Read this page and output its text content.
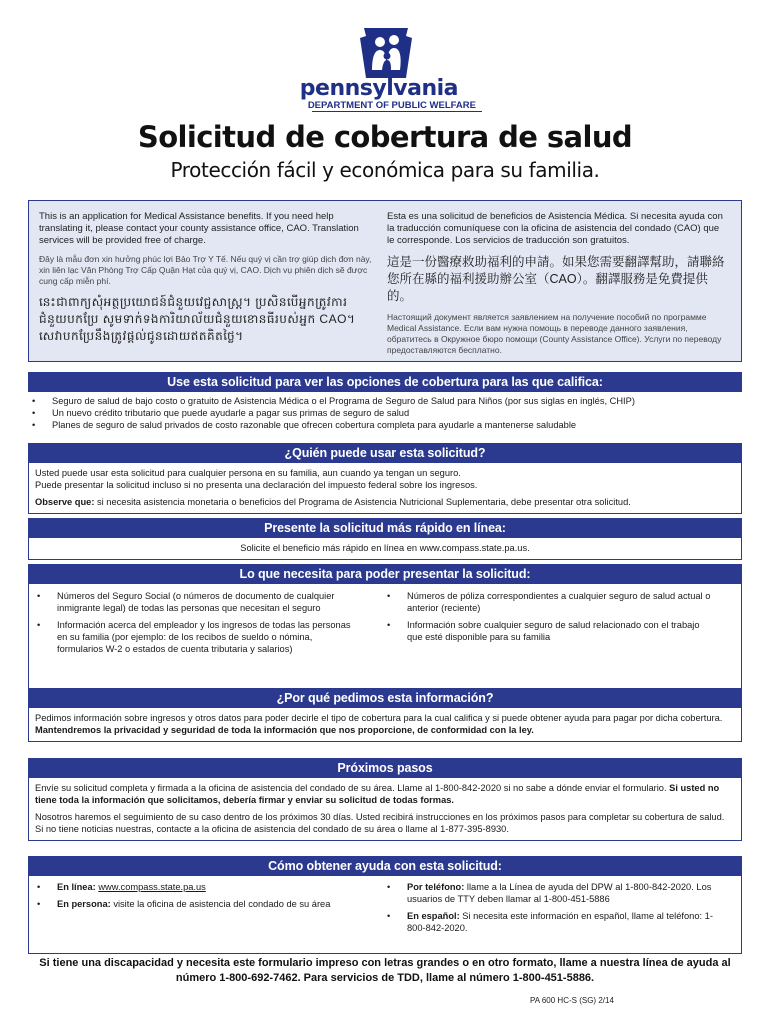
pennsylvania
DEPARTMENT OF PUBLIC WELFARE
Solicitud de cobertura de salud
Protección fácil y económica para su familia.

This is an application for Medical Assistance benefits. If you need help translating it, please contact your county assistance office, CAO. Translation services will be provided free of charge.

Đây là mẫu đơn xin hưởng phúc lợi Bảo Trợ Y Tế. Nếu quý vị cần trợ giúp dịch đơn này, xin liên lạc Văn Phòng Trợ Cấp Quận Hạt của quý vị, CAO. Dịch vụ phiên dịch sẽ được cung cấp miễn phí.

នេះជាពាក្យសុំអត្ថប្រយោជន៍ជំនួយវេជ្ជសាស្ត្រ។ ប្រសិនបើអ្នកត្រូវការជំនួយបកប្រែ សូមទាក់ទងការិយាល័យជំនួយខោនធីរបស់អ្នក CAO។ សេវាបកប្រែនឹងត្រូវផ្តល់ជូនដោយឥតគិតថ្លៃ។

Esta es una solicitud de beneficios de Asistencia Médica. Si necesita ayuda con la traducción comuníquese con la oficina de asistencia del condado (CAO) que le corresponde. Los servicios de traducción son gratuitos.

這是一份醫療救助福利的申請。如果您需要翻譯幫助，請聯絡您所在縣的福利援助辦公室（CAO）。翻譯服務是免費提供的。

Настоящий документ является заявлением на получение пособий по программе Medical Assistance. Если вам нужна помощь в переводе данного заявления, обратитесь в Окружное бюро помощи (County Assistance Office). Услуги по переводу предоставляются бесплатно.

Use esta solicitud para ver las opciones de cobertura para las que califica:
•	Seguro de salud de bajo costo o gratuito de Asistencia Médica o el Programa de Seguro de Salud para Niños (por sus siglas en inglés, CHIP)
•	Un nuevo crédito tributario que puede ayudarle a pagar sus primas de seguro de salud
•	Planes de seguro de salud privados de costo razonable que ofrecen cobertura completa para ayudarle a mantenerse saludable
¿Quién puede usar esta solicitud?
Usted puede usar esta solicitud para cualquier persona en su familia, aun cuando ya tengan un seguro.
Puede presentar la solicitud incluso si no presenta una declaración del impuesto federal sobre los ingresos.
Observe que: si necesita asistencia monetaria o beneficios del Programa de Asistencia Nutricional Suplementaria, debe presentar otra solicitud.
Presente la solicitud más rápido en línea:
Solicite el beneficio más rápido en línea en www.compass.state.pa.us.
Lo que necesita para poder presentar la solicitud:
•	Números del Seguro Social (o números de documento de cualquier inmigrante legal) de todas las personas que necesitan el seguro
•	Información acerca del empleador y los ingresos de todas las personas en su familia (por ejemplo: de los recibos de sueldo o nómina, formularios W-2 o estados de cuenta tributaria y salarios)
•	Números de póliza correspondientes a cualquier seguro de salud actual o anterior (reciente)
•	Información sobre cualquier seguro de salud relacionado con el trabajo que esté disponible para su familia
¿Por qué pedimos esta información?
Pedimos información sobre ingresos y otros datos para poder decirle el tipo de cobertura para la cual califica y si puede obtener ayuda para pagar por dicha cobertura. Mantendremos la privacidad y seguridad de toda la información que nos proporcione, de conformidad con la ley.
Próximos pasos
Envíe su solicitud completa y firmada a la oficina de asistencia del condado de su área. Llame al 1-800-842-2020 si no sabe a dónde enviar el formulario. Si usted no tiene toda la información que solicitamos, debería firmar y enviar su solicitud de todas formas.
Nosotros haremos el seguimiento de su caso dentro de los próximos 30 días. Usted recibirá instrucciones en los próximos pasos para completar su cobertura de salud. Si no tiene noticias nuestras, contacte a la oficina de asistencia del condado de su área o llame al 1-877-395-8930.
Cómo obtener ayuda con esta solicitud:
•	En línea: www.compass.state.pa.us
•	En persona: visite la oficina de asistencia del condado de su área
•	Por teléfono: llame a la Línea de ayuda del DPW al 1-800-842-2020. Los usuarios de TTY deben llamar al 1-800-451-5886
•	En español: Si necesita este información en español, llame al teléfono: 1-800-842-2020.
Si tiene una discapacidad y necesita este formulario impreso con letras grandes o en otro formato, llame a nuestra línea de ayuda al número 1-800-692-7462. Para servicios de TDD, llame al número 1-800-451-5886.
PA 600 HC-S (SG) 2/14
